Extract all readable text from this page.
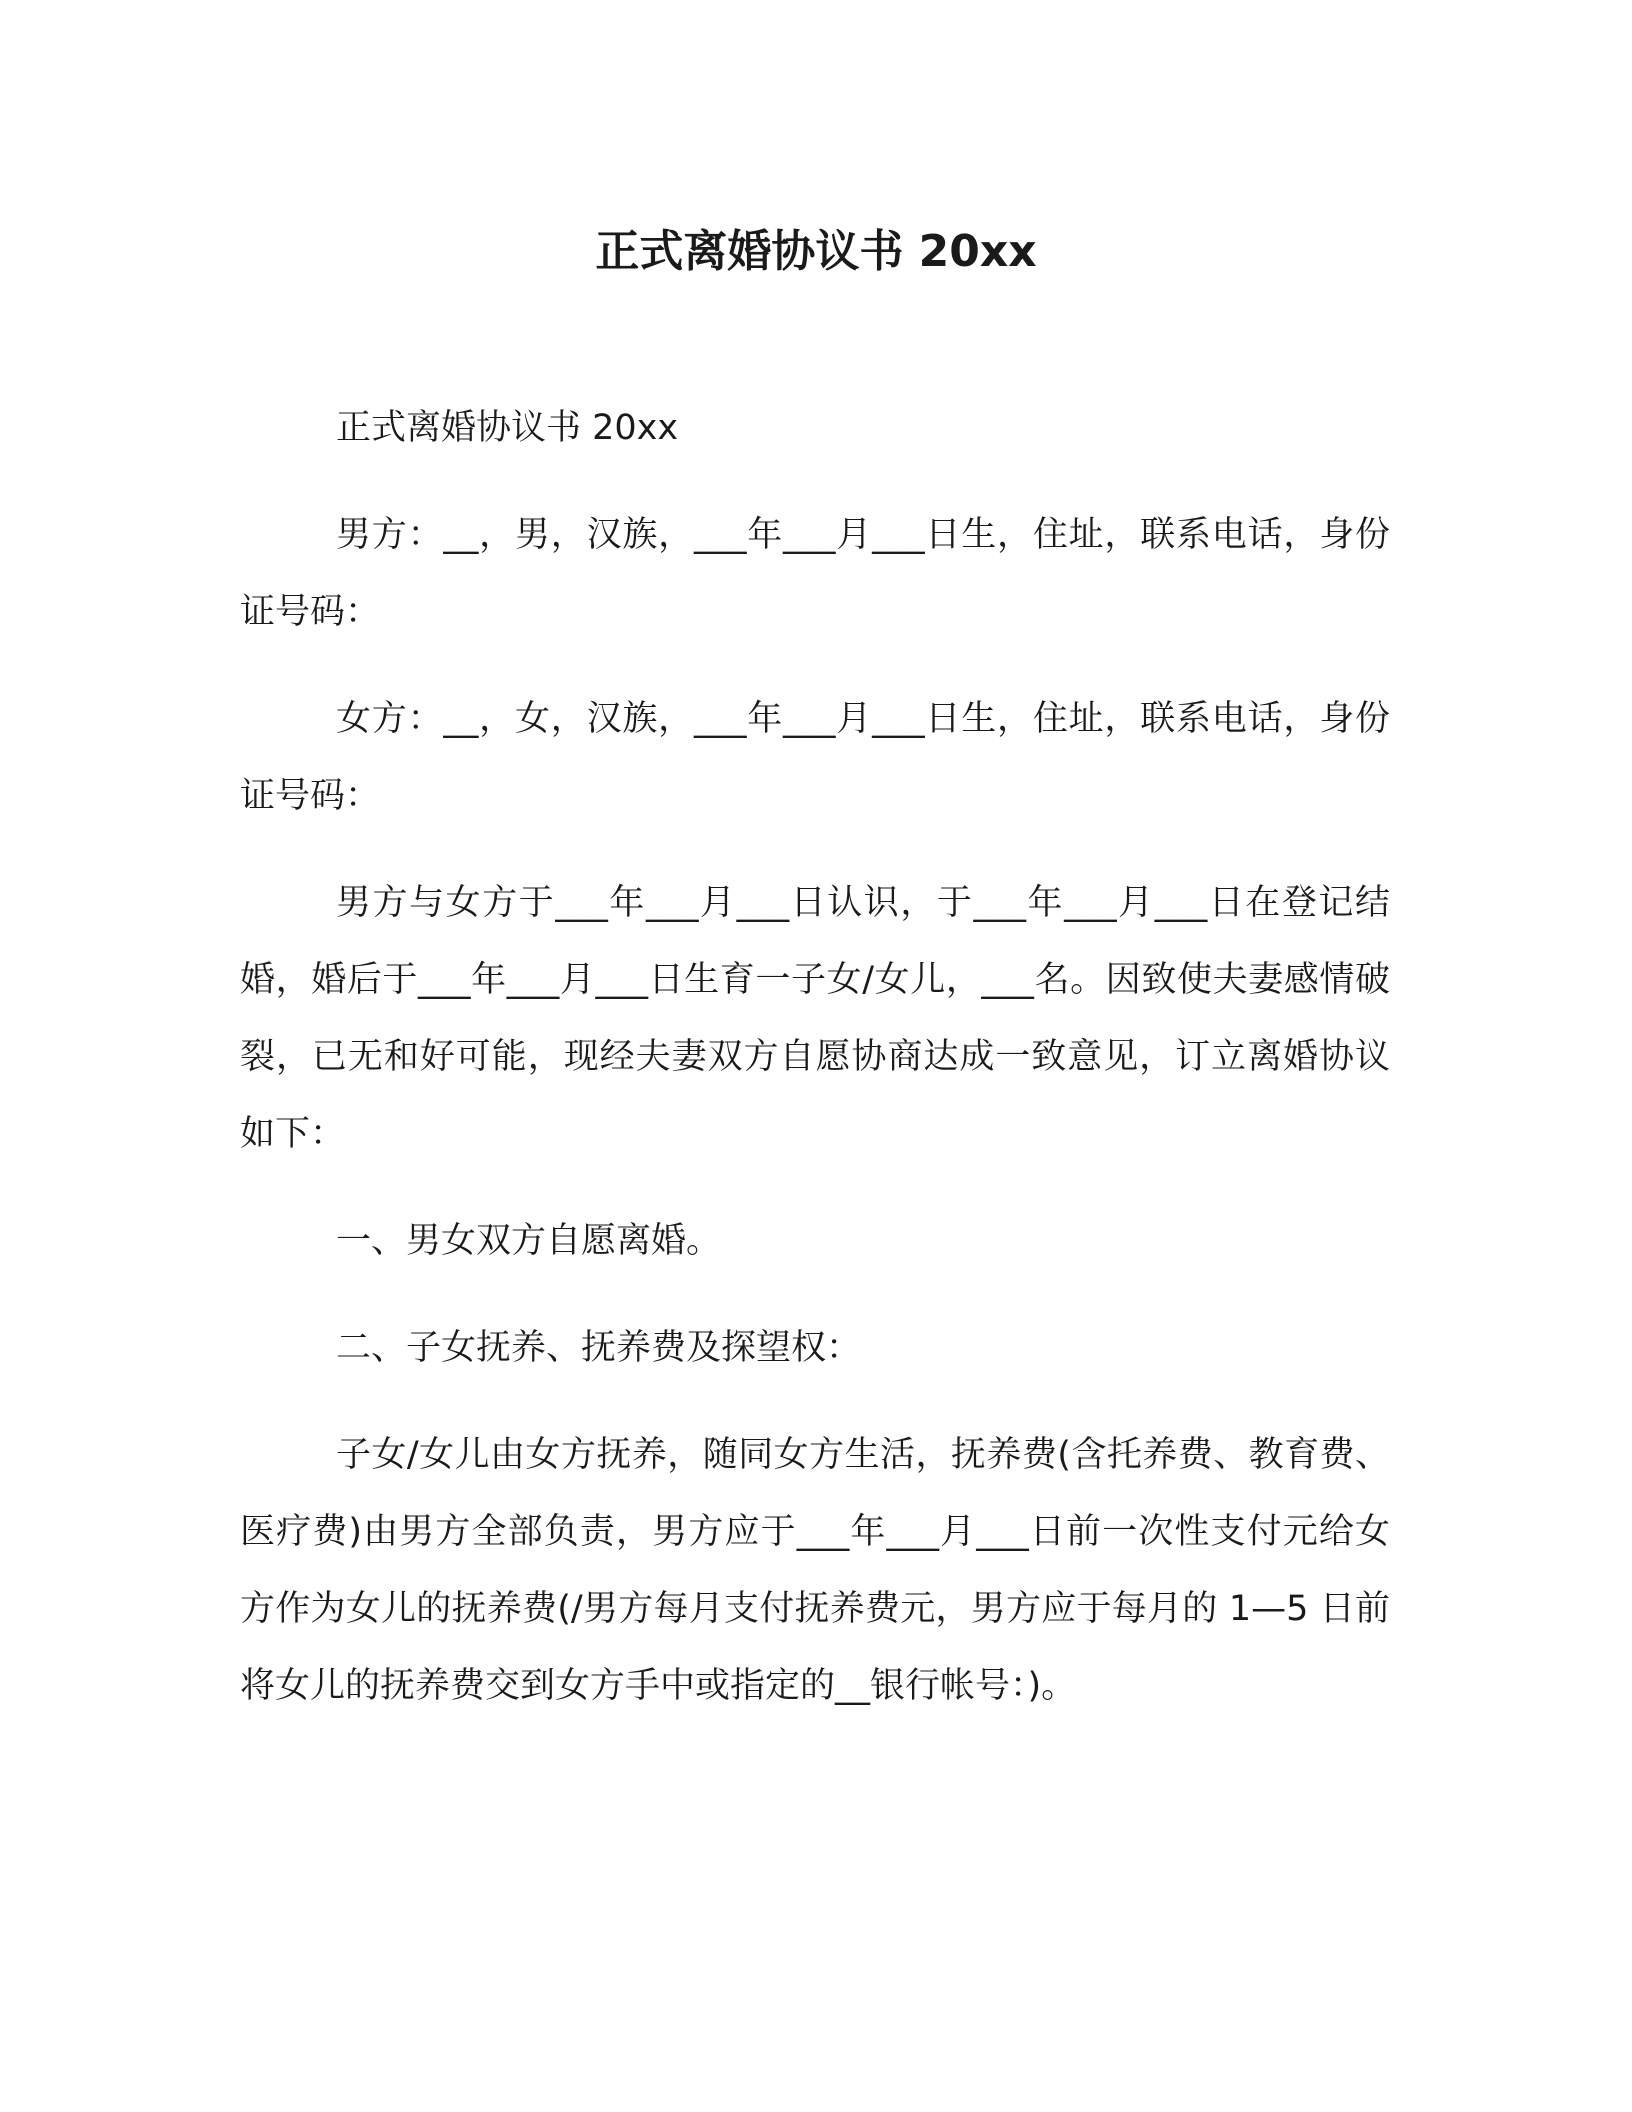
正式离婚协议书 20xx

正式离婚协议书 20xx

男方：__，男，汉族，___年___月___日生，住址，联系电话，身份证号码：

女方：__，女，汉族，___年___月___日生，住址，联系电话，身份证号码：

男方与女方于___年___月___日认识，于___年___月___日在登记结婚，婚后于___年___月___日生育一子女/女儿，___名。因致使夫妻感情破裂，已无和好可能，现经夫妻双方自愿协商达成一致意见，订立离婚协议如下：

一、男女双方自愿离婚。

二、子女抚养、抚养费及探望权：

子女/女儿由女方抚养，随同女方生活，抚养费(含托养费、教育费、医疗费)由男方全部负责，男方应于___年___月___日前一次性支付元给女方作为女儿的抚养费(/男方每月支付抚养费元，男方应于每月的 1—5 日前将女儿的抚养费交到女方手中或指定的__银行帐号：)。
